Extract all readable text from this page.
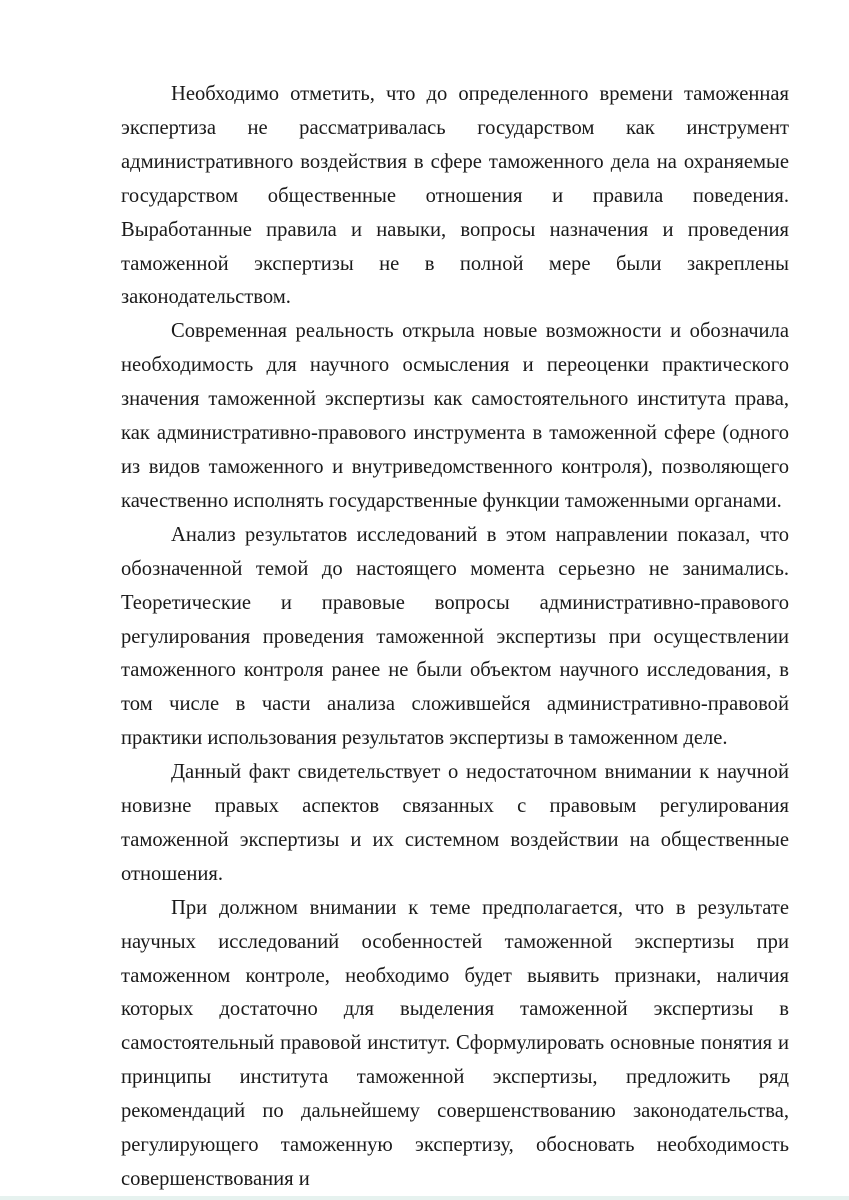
Необходимо отметить, что до определенного времени таможенная экспертиза не рассматривалась государством как инструмент административного воздействия в сфере таможенного дела на охраняемые государством общественные отношения и правила поведения. Выработанные правила и навыки, вопросы назначения и проведения таможенной экспертизы не в полной мере были закреплены законодательством.

Современная реальность открыла новые возможности и обозначила необходимость для научного осмысления и переоценки практического значения таможенной экспертизы как самостоятельного института права, как административно-правового инструмента в таможенной сфере (одного из видов таможенного и внутриведомственного контроля), позволяющего качественно исполнять государственные функции таможенными органами.

Анализ результатов исследований в этом направлении показал, что обозначенной темой до настоящего момента серьезно не занимались. Теоретические и правовые вопросы административно-правового регулирования проведения таможенной экспертизы при осуществлении таможенного контроля ранее не были объектом научного исследования, в том числе в части анализа сложившейся административно-правовой практики использования результатов экспертизы в таможенном деле.

Данный факт свидетельствует о недостаточном внимании к научной новизне правых аспектов связанных с правовым регулирования таможенной экспертизы и их системном воздействии на общественные отношения.

При должном внимании к теме предполагается, что в результате научных исследований особенностей таможенной экспертизы при таможенном контроле, необходимо будет выявить признаки, наличия которых достаточно для выделения таможенной экспертизы в самостоятельный правовой институт. Сформулировать основные понятия и принципы института таможенной экспертизы, предложить ряд рекомендаций по дальнейшему совершенствованию законодательства, регулирующего таможенную экспертизу, обосновать необходимость совершенствования и
